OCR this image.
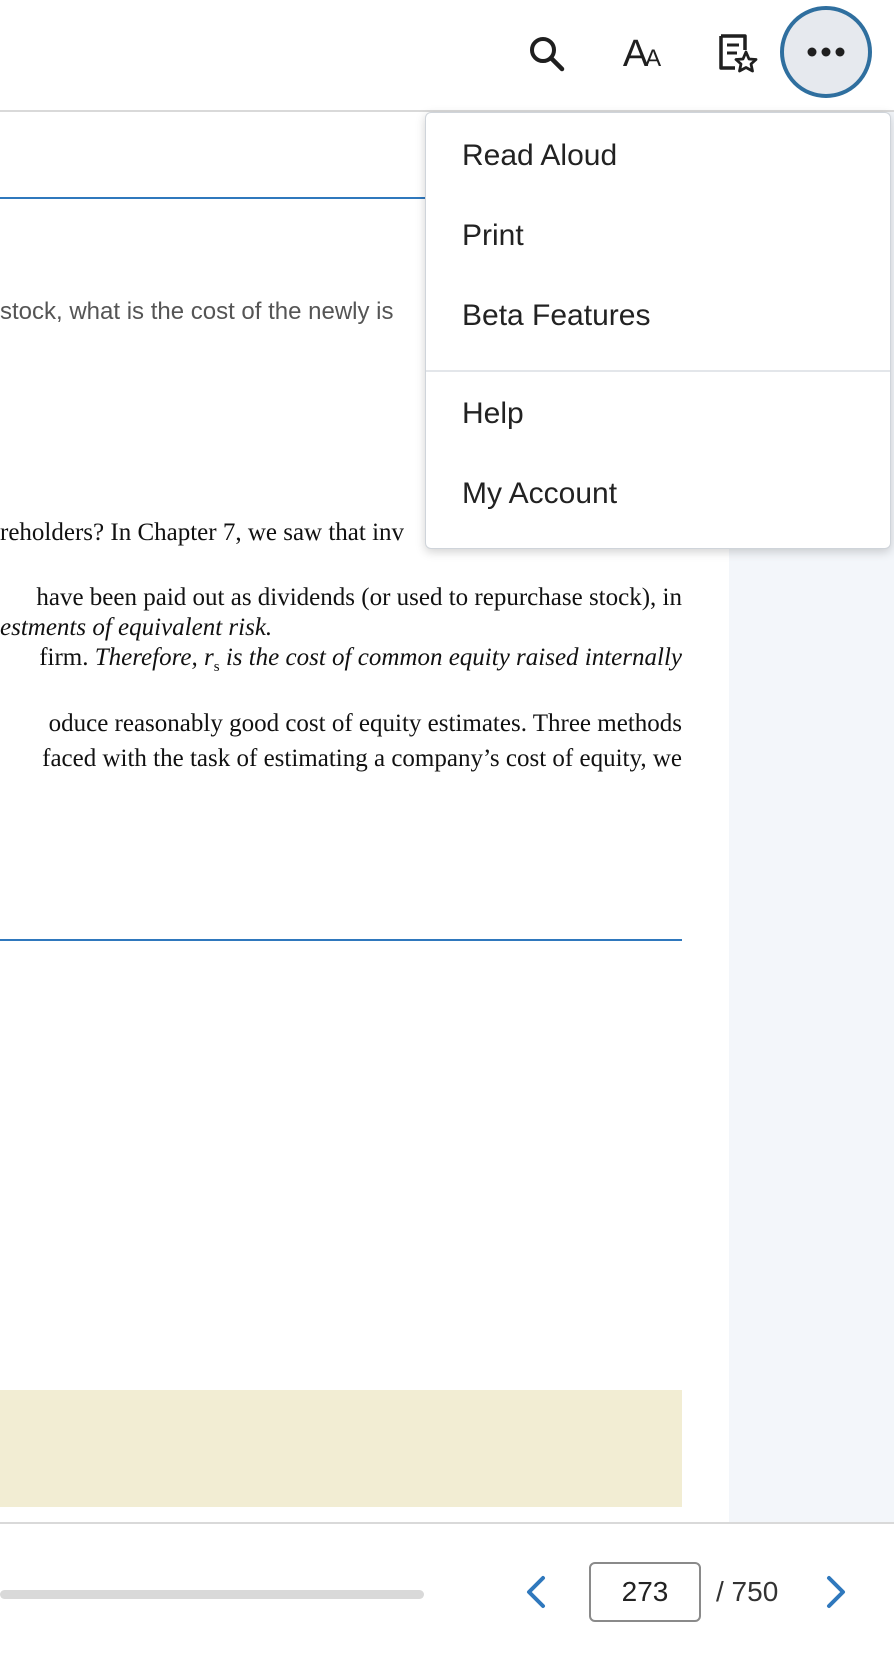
AA
stock, what is the cost of the newly is
reholders? In Chapter 7, we saw that inv
have been paid out as dividends (or used to repurchase stock), in
estments of equivalent risk.
firm. Therefore, $r_s$ is the cost of common equity raised internally
oduce reasonably good cost of equity estimates. Three methods
faced with the task of estimating a company’s cost of equity, we
Read Aloud
Print
Beta Features
Help
My Account
273
/ 750
